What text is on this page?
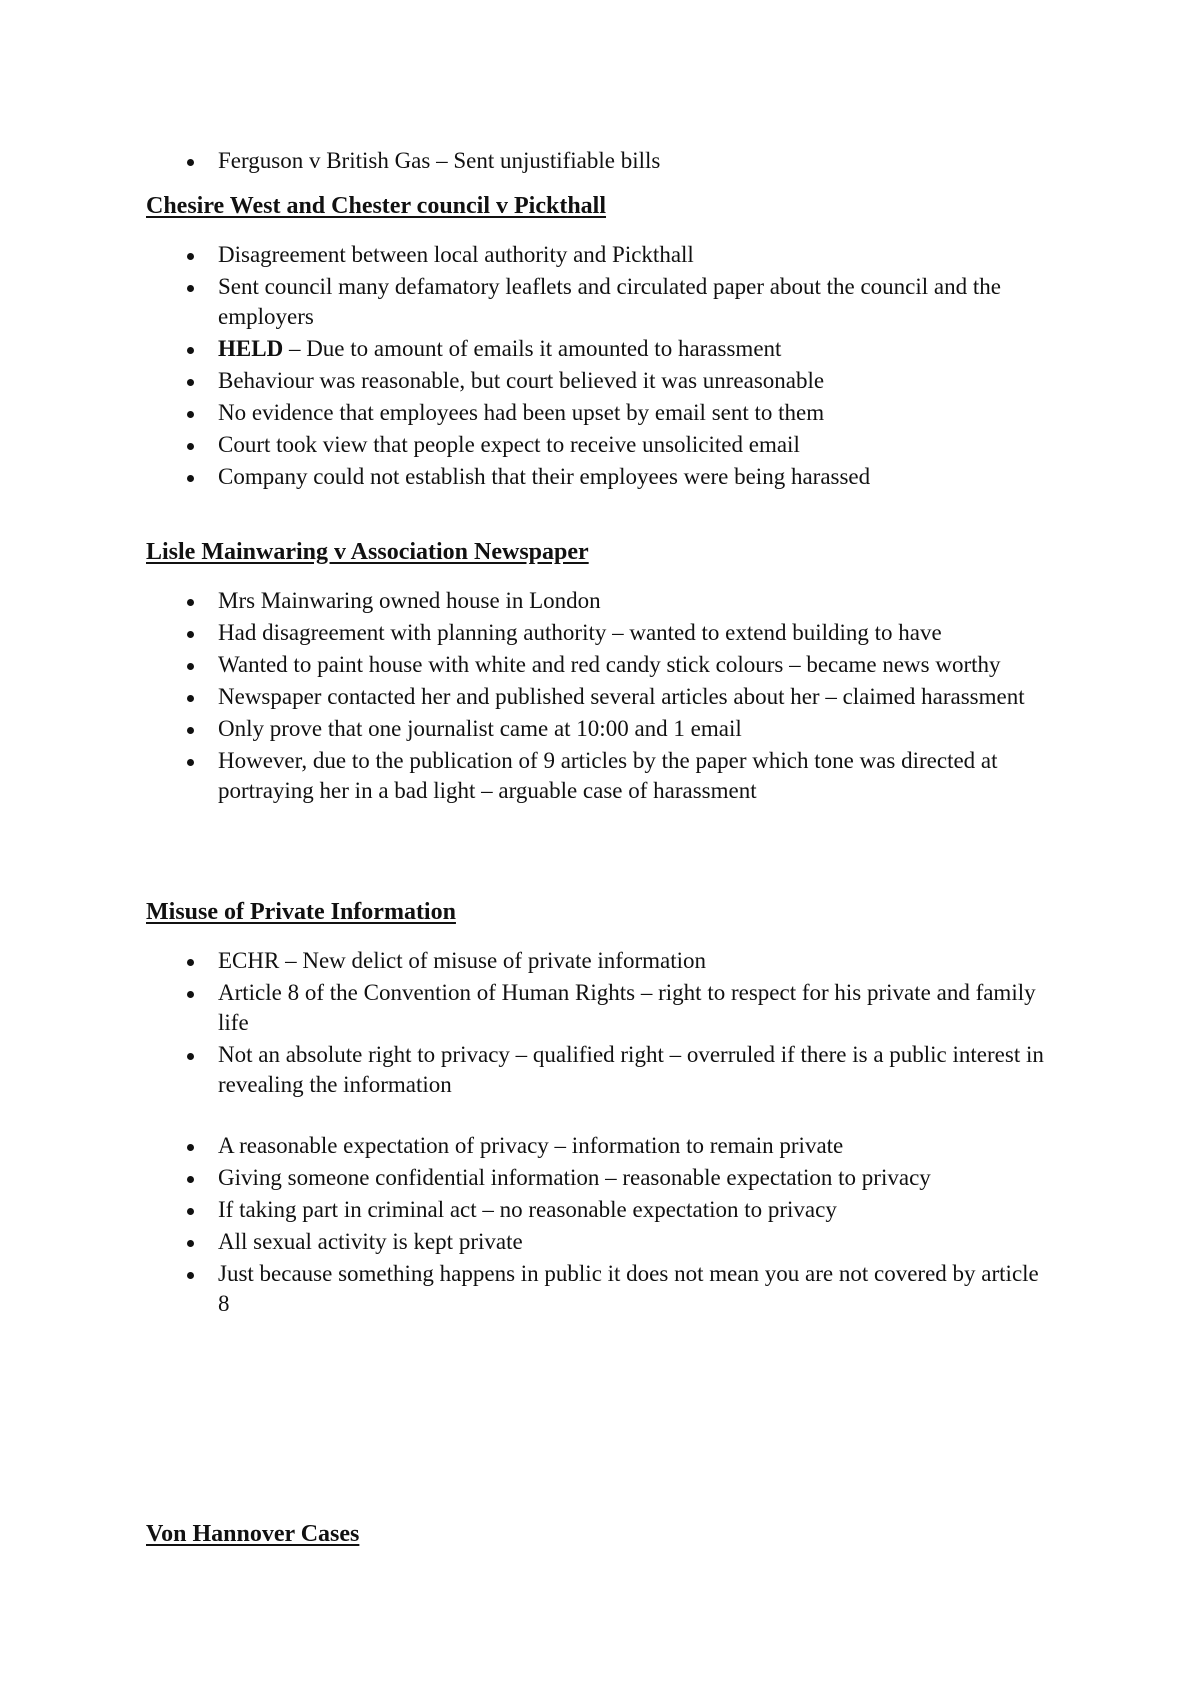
Ferguson v British Gas – Sent unjustifiable bills
Chesire West and Chester council v Pickthall
Disagreement between local authority and Pickthall
Sent council many defamatory leaflets and circulated paper about the council and the employers
HELD – Due to amount of emails it amounted to harassment
Behaviour was reasonable, but court believed it was unreasonable
No evidence that employees had been upset by email sent to them
Court took view that people expect to receive unsolicited email
Company could not establish that their employees were being harassed
Lisle Mainwaring v Association Newspaper
Mrs Mainwaring owned house in London
Had disagreement with planning authority – wanted to extend building to have
Wanted to paint house with white and red candy stick colours – became news worthy
Newspaper contacted her and published several articles about her – claimed harassment
Only prove that one journalist came at 10:00 and 1 email
However, due to the publication of 9 articles by the paper which tone was directed at portraying her in a bad light – arguable case of harassment
Misuse of Private Information
ECHR – New delict of misuse of private information
Article 8 of the Convention of Human Rights – right to respect for his private and family life
Not an absolute right to privacy – qualified right – overruled if there is a public interest in revealing the information
A reasonable expectation of privacy – information to remain private
Giving someone confidential information – reasonable expectation to privacy
If taking part in criminal act – no reasonable expectation to privacy
All sexual activity is kept private
Just because something happens in public it does not mean you are not covered by article 8
Von Hannover Cases
